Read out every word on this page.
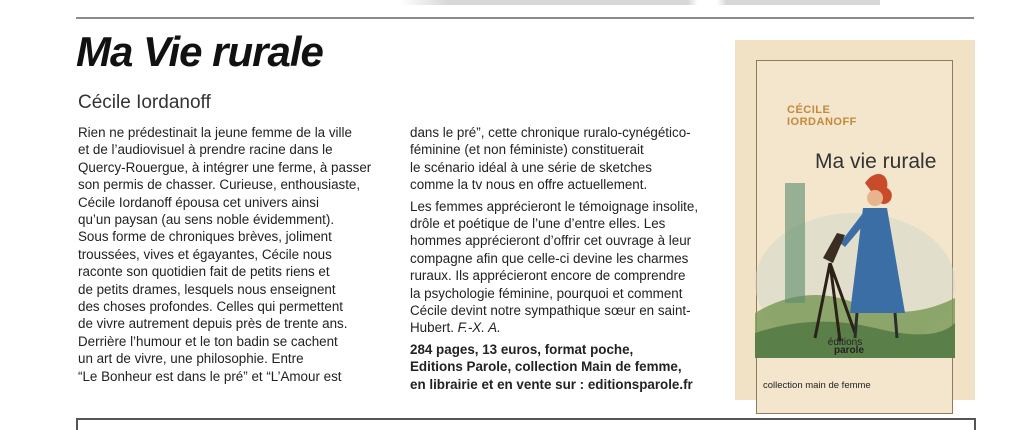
Ma Vie rurale
Cécile Iordanoff

Rien ne prédestinait la jeune femme de la ville
et de l’audiovisuel à prendre racine dans le
Quercy-Rouergue, à intégrer une ferme, à passer
son permis de chasser. Curieuse, enthousiaste,
Cécile Iordanoff épousa cet univers ainsi
qu’un paysan (au sens noble évidemment).
Sous forme de chroniques brèves, joliment
troussées, vives et égayantes, Cécile nous
raconte son quotidien fait de petits riens et
de petits drames, lesquels nous enseignent
des choses profondes. Celles qui permettent
de vivre autrement depuis près de trente ans.
Derrière l’humour et le ton badin se cachent
un art de vivre, une philosophie. Entre
“Le Bonheur est dans le pré” et “L’Amour est

dans le pré”, cette chronique ruralo-cynégético-
féminine (et non féministe) constituerait
le scénario idéal à une série de sketches
comme la tv nous en offre actuellement.

Les femmes apprécieront le témoignage insolite,
drôle et poétique de l’une d’entre elles. Les
hommes apprécieront d’offrir cet ouvrage à leur
compagne afin que celle-ci devine les charmes
ruraux. Ils apprécieront encore de comprendre
la psychologie féminine, pourquoi et comment
Cécile devint notre sympathique sœur en saint-
Hubert. F.-X. A.

284 pages, 13 euros, format poche,
Editions Parole, collection Main de femme,
en librairie et en vente sur : editionsparole.fr

CÉCILE
IORDANOFF

Ma vie rurale

éditions
parole
collection main de femme
